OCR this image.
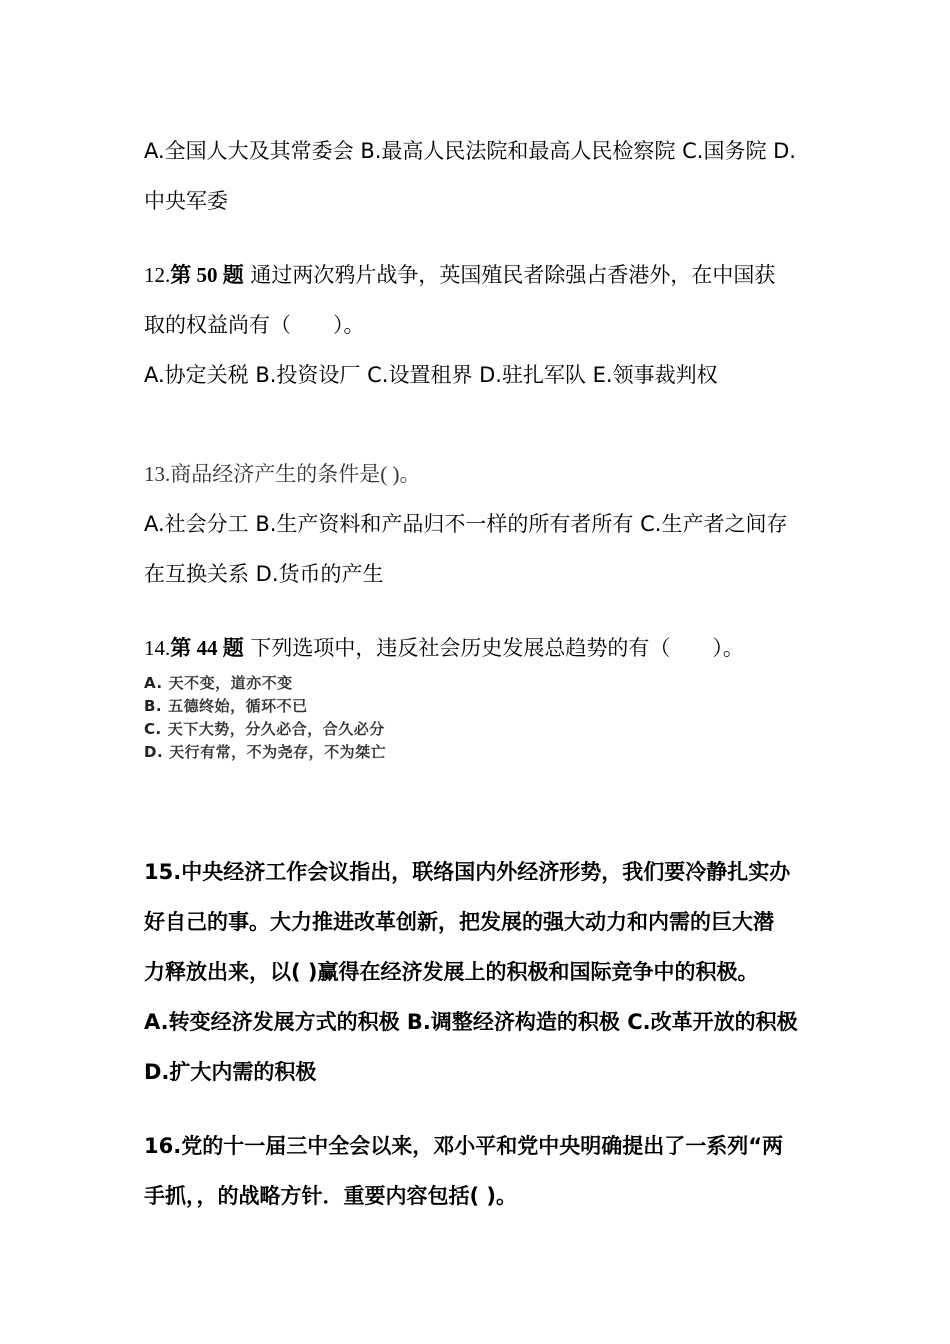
A.全国人大及其常委会 B.最高人民法院和最高人民检察院 C.国务院 D.
中央军委
12.第 50 题 通过两次鸦片战争，英国殖民者除强占香港外，在中国获
取的权益尚有（　　）。
A.协定关税 B.投资设厂 C.设置租界 D.驻扎军队 E.领事裁判权
13.商品经济产生的条件是( )。
A.社会分工 B.生产资料和产品归不一样的所有者所有 C.生产者之间存
在互换关系 D.货币的产生
14.第 44 题 下列选项中，违反社会历史发展总趋势的有（　　）。
A. 天不变，道亦不变
B. 五德终始，循环不已
C. 天下大势，分久必合，合久必分
D. 天行有常，不为尧存，不为桀亡
15.中央经济工作会议指出，联络国内外经济形势，我们要冷静扎实办
好自己的事。大力推进改革创新，把发展的强大动力和内需的巨大潜
力释放出来，以( )赢得在经济发展上的积极和国际竞争中的积极。
A.转变经济发展方式的积极 B.调整经济构造的积极 C.改革开放的积极
D.扩大内需的积极
16.党的十一届三中全会以来，邓小平和党中央明确提出了一系列“两
手抓，，的战略方针．重要内容包括( )。
